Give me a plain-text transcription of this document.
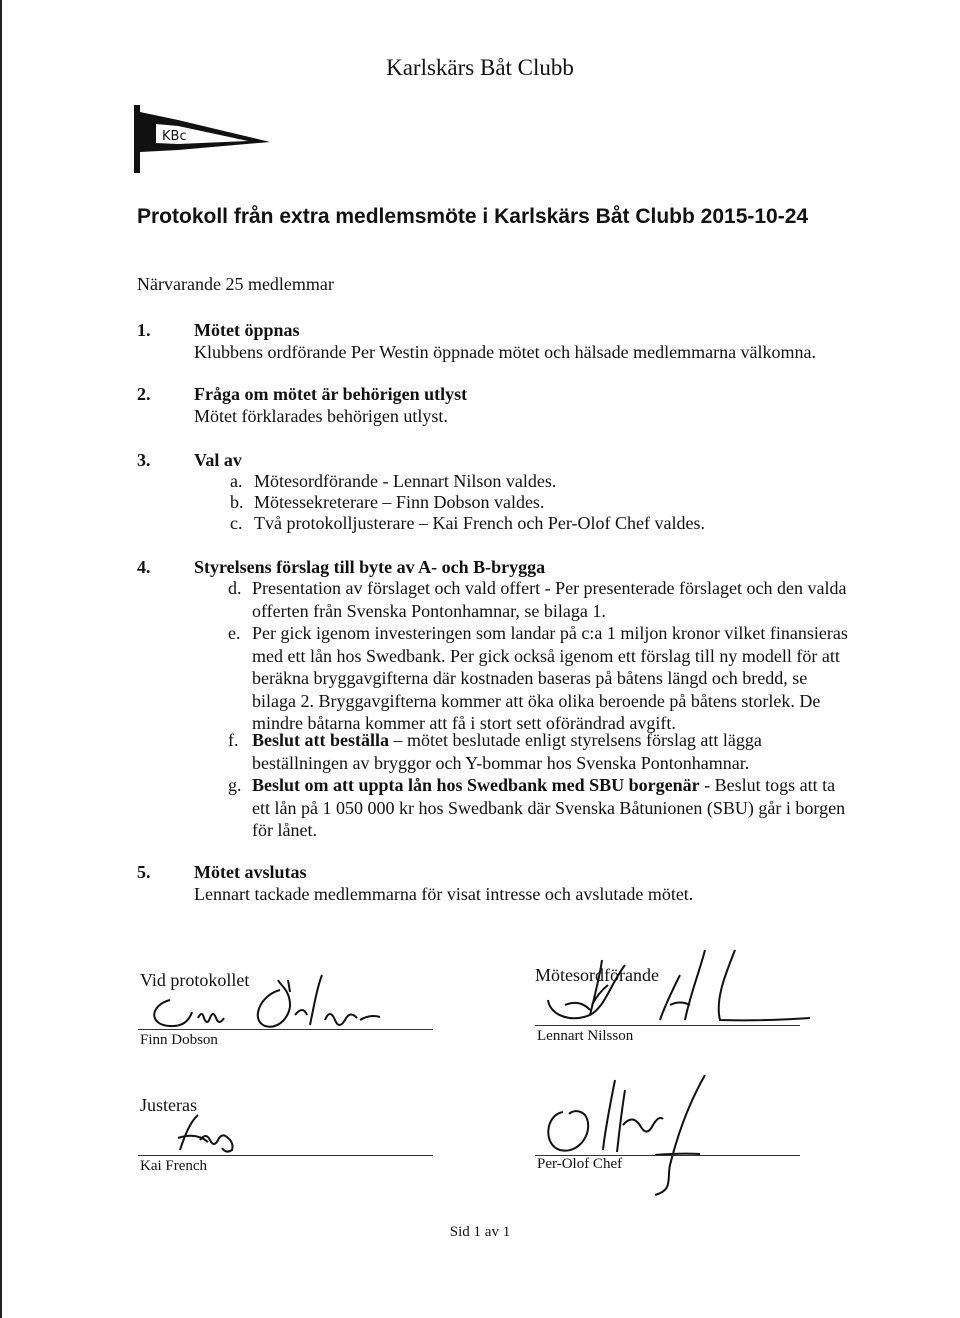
Karlskärs Båt Clubb
KBc
Protokoll från extra medlemsmöte i Karlskärs Båt Clubb 2015-10-24
Närvarande 25 medlemmar
1. Mötet öppnas
Klubbens ordförande Per Westin öppnade mötet och hälsade medlemmarna välkomna.
2. Fråga om mötet är behörigen utlyst
Mötet förklarades behörigen utlyst.
3. Val av
a. Mötesordförande - Lennart Nilson valdes.
b. Mötessekreterare – Finn Dobson valdes.
c. Två protokolljusterare – Kai French och Per-Olof Chef valdes.
4. Styrelsens förslag till byte av A- och B-brygga
d. Presentation av förslaget och vald offert - Per presenterade förslaget och den valda offerten från Svenska Pontonhamnar, se bilaga 1.
e. Per gick igenom investeringen som landar på c:a 1 miljon kronor vilket finansieras med ett lån hos Swedbank. Per gick också igenom ett förslag till ny modell för att beräkna bryggavgifterna där kostnaden baseras på båtens längd och bredd, se bilaga 2. Bryggavgifterna kommer att öka olika beroende på båtens storlek. De mindre båtarna kommer att få i stort sett oförändrad avgift.
f. Beslut att beställa – mötet beslutade enligt styrelsens förslag att lägga beställningen av bryggor och Y-bommar hos Svenska Pontonhamnar.
g. Beslut om att uppta lån hos Swedbank med SBU borgenär - Beslut togs att ta ett lån på 1 050 000 kr hos Swedbank där Svenska Båtunionen (SBU) går i borgen för lånet.
5. Mötet avslutas
Lennart tackade medlemmarna för visat intresse och avslutade mötet.
Vid protokollet
Finn Dobson
Mötesordförande
Lennart Nilsson
Justeras
Kai French	Per-Olof Chef
Sid 1 av 1
